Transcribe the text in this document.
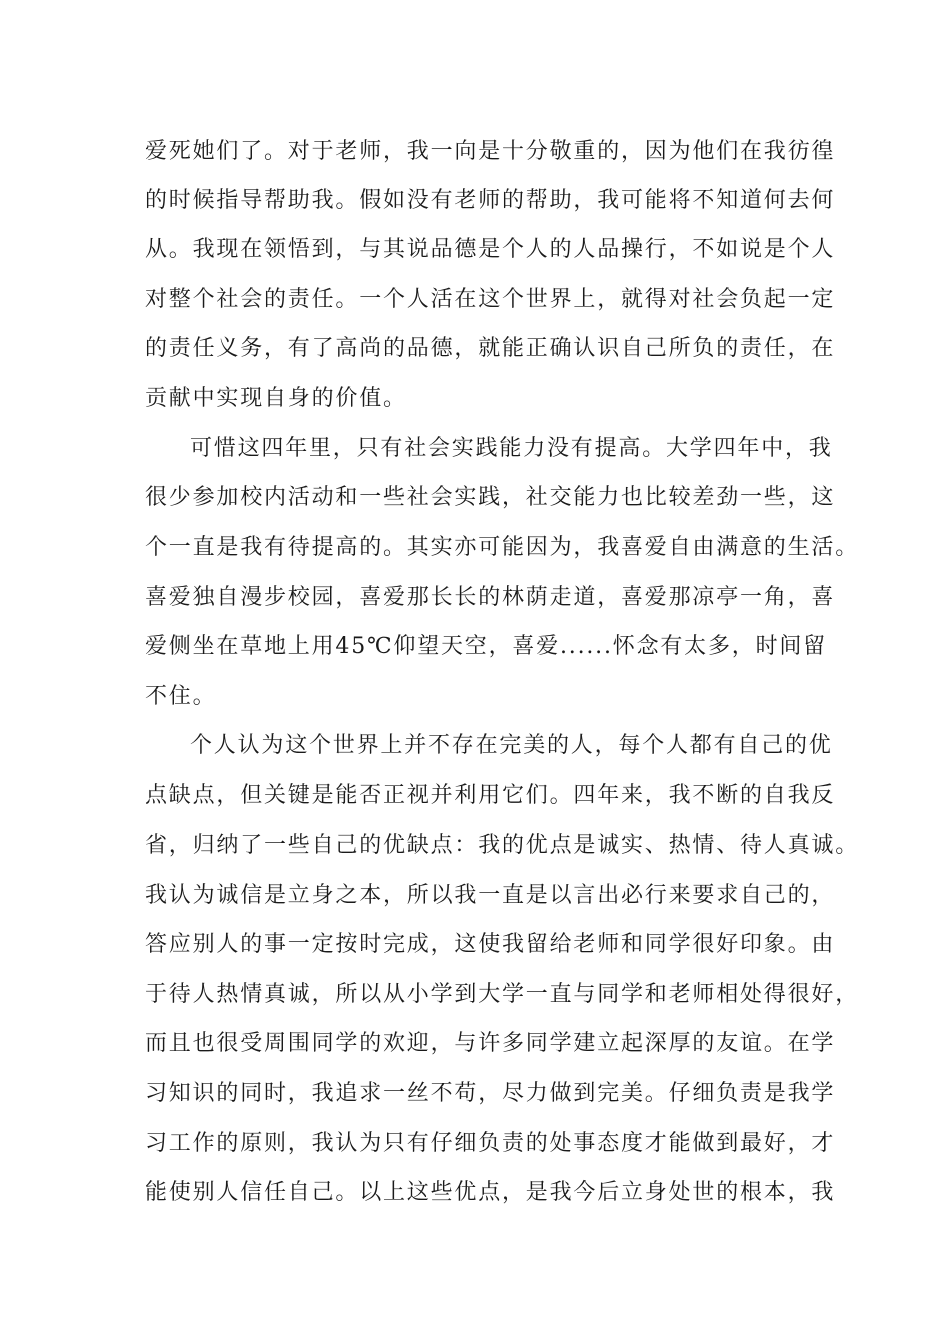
爱死她们了。对于老师，我一向是十分敬重的，因为他们在我彷徨
的时候指导帮助我。假如没有老师的帮助，我可能将不知道何去何
从。我现在领悟到，与其说品德是个人的人品操行，不如说是个人
对整个社会的责任。一个人活在这个世界上，就得对社会负起一定
的责任义务，有了高尚的品德，就能正确认识自己所负的责任，在
贡献中实现自身的价值。
可惜这四年里，只有社会实践能力没有提高。大学四年中，我
很少参加校内活动和一些社会实践，社交能力也比较差劲一些，这
个一直是我有待提高的。其实亦可能因为，我喜爱自由满意的生活。
喜爱独自漫步校园，喜爱那长长的林荫走道，喜爱那凉亭一角，喜
爱侧坐在草地上用45℃仰望天空，喜爱......怀念有太多，时间留
不住。
个人认为这个世界上并不存在完美的人，每个人都有自己的优
点缺点，但关键是能否正视并利用它们。四年来，我不断的自我反
省，归纳了一些自己的优缺点：我的优点是诚实、热情、待人真诚。
我认为诚信是立身之本，所以我一直是以言出必行来要求自己的，
答应别人的事一定按时完成，这使我留给老师和同学很好印象。由
于待人热情真诚，所以从小学到大学一直与同学和老师相处得很好，
而且也很受周围同学的欢迎，与许多同学建立起深厚的友谊。在学
习知识的同时，我追求一丝不苟，尽力做到完美。仔细负责是我学
习工作的原则，我认为只有仔细负责的处事态度才能做到最好，才
能使别人信任自己。以上这些优点，是我今后立身处世的根本，我
